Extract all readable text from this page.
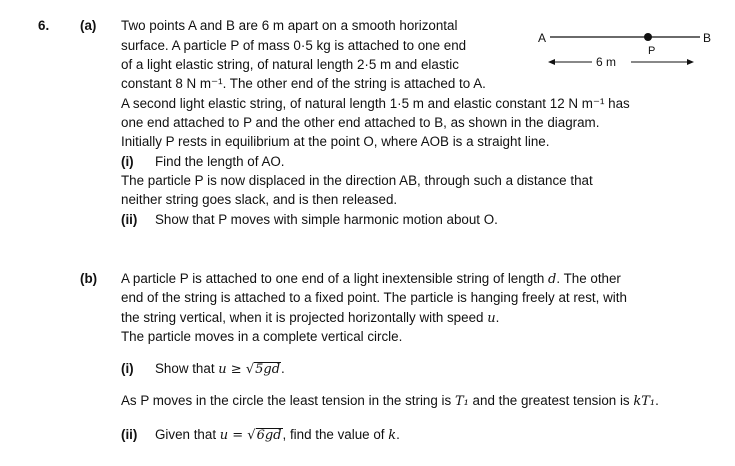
6. (a) Two points A and B are 6 m apart on a smooth horizontal
surface. A particle P of mass 0·5 kg is attached to one end
of a light elastic string, of natural length 2·5 m and elastic
constant 8 N m⁻¹. The other end of the string is attached to A.
A second light elastic string, of natural length 1·5 m and elastic constant 12 N m⁻¹ has
one end attached to P and the other end attached to B, as shown in the diagram.
Initially P rests in equilibrium at the point O, where AOB is a straight line.
(i) Find the length of AO.
The particle P is now displaced in the direction AB, through such a distance that
neither string goes slack, and is then released.
(ii) Show that P moves with simple harmonic motion about O.
A	B
P
6 m
(b) A particle P is attached to one end of a light inextensible string of length d. The other
end of the string is attached to a fixed point. The particle is hanging freely at rest, with
the string vertical, when it is projected horizontally with speed u.
The particle moves in a complete vertical circle.
(i) Show that u ≥ √5gd.
As P moves in the circle the least tension in the string is T₁ and the greatest tension is kT₁.
(ii) Given that u = √6gd, find the value of k.
